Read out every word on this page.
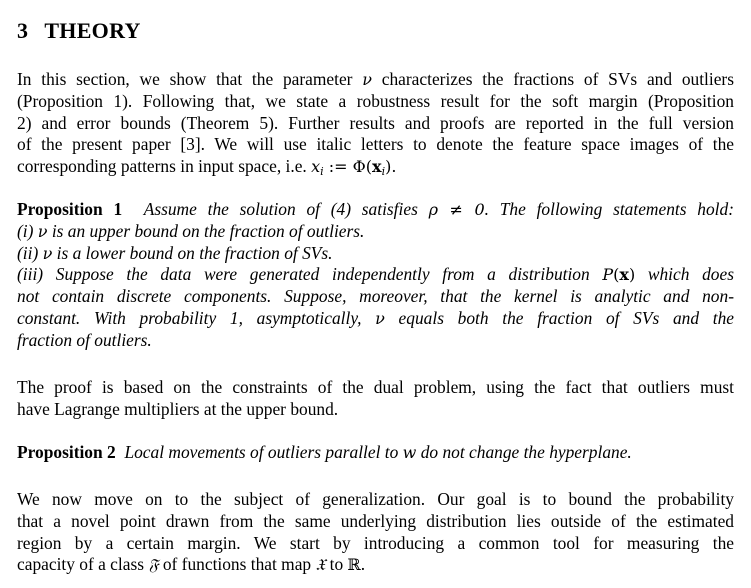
3 THEORY

In this section, we show that the parameter ν characterizes the fractions of SVs and outliers
(Proposition 1). Following that, we state a robustness result for the soft margin (Proposition
2) and error bounds (Theorem 5). Further results and proofs are reported in the full version
of the present paper [3]. We will use italic letters to denote the feature space images of the
corresponding patterns in input space, i.e. $x_i$ := $\Phi(x_i)$.

Proposition 1 Assume the solution of (4) satisfies ρ ≠ 0. The following statements hold:
(i) ν is an upper bound on the fraction of outliers.
(ii) ν is a lower bound on the fraction of SVs.
(iii) Suppose the data were generated independently from a distribution P(x) which does
not contain discrete components. Suppose, moreover, that the kernel is analytic and non-
constant. With probability 1, asymptotically, ν equals both the fraction of SVs and the
fraction of outliers.

The proof is based on the constraints of the dual problem, using the fact that outliers must
have Lagrange multipliers at the upper bound.

Proposition 2 Local movements of outliers parallel to w do not change the hyperplane.

We now move on to the subject of generalization. Our goal is to bound the probability
that a novel point drawn from the same underlying distribution lies outside of the estimated
region by a certain margin. We start by introducing a common tool for measuring the
capacity of a class 𝔉 of functions that map 𝔛 to ℝ.
